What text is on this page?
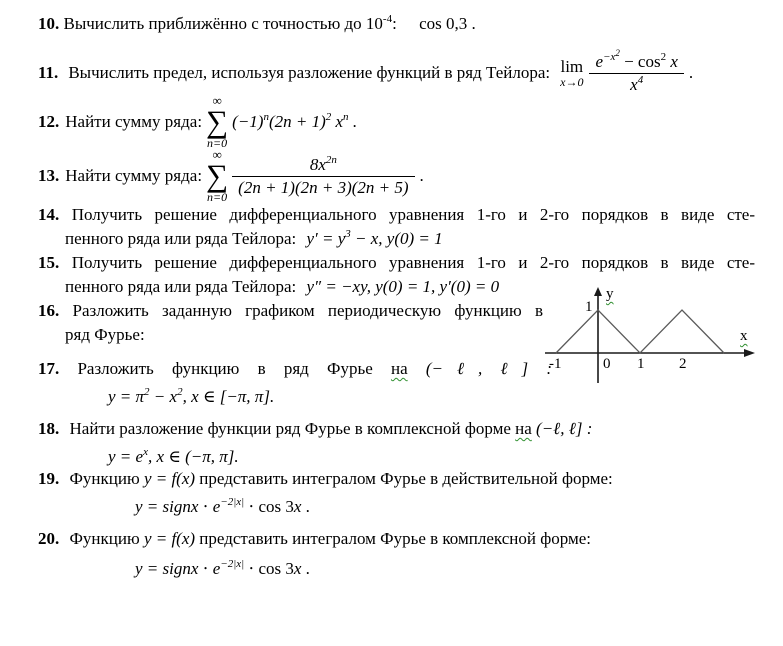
10. Вычислить приближённо с точностью до $10^{-4}$: cos 0,3 .
11. Вычислить предел, используя разложение функций в ряд Тейлора: lim
$x\to 0 \frac{e^{-x^2} - \cos^2 x}{x^4}$ .
12. Найти сумму ряда:
∞
∑
n=0
$(-1)^n(2n + 1)^2$ $x^n$ .
13. Найти сумму ряда:
∞
∑
$n=0 \frac{8x^{2n}}{(2n + 1)(2n + 3)(2n + 5)}$ .
14. Получить решение дифференциального уравнения 1-го и 2-го порядков в виде сте-
пенного ряда или ряда Тейлора: $y' = y^3 - x$, y(0) = 1
15. Получить решение дифференциального уравнения 1-го и 2-го порядков в виде сте-
пенного ряда или ряда Тейлора: y″ = −xy, y(0) = 1, y′(0) = 0
16. Разложить заданную графиком периодическую функцию в
ряд Фурье:
y
1
x
-1	0 1 2
17. Разложить функцию в ряд Фурье на (−ℓ, ℓ] :
$y = \pi^2 - x^2$, x ∈ [−π, π].
18. Найти разложение функции ряд Фурье в комплексной форме на (−ℓ, ℓ] :
$y = e^x$, x ∈ (−π, π].
19. Функцию y = f(x) представить интегралом Фурье в действительной форме:
y = signx ⋅ $e^{-2|x|} \cdot \cos 3x$ .
20. Функцию y = f(x) представить интегралом Фурье в комплексной форме:
y = signx ⋅ $e^{-2|x|} \cdot \cos 3x$ .
